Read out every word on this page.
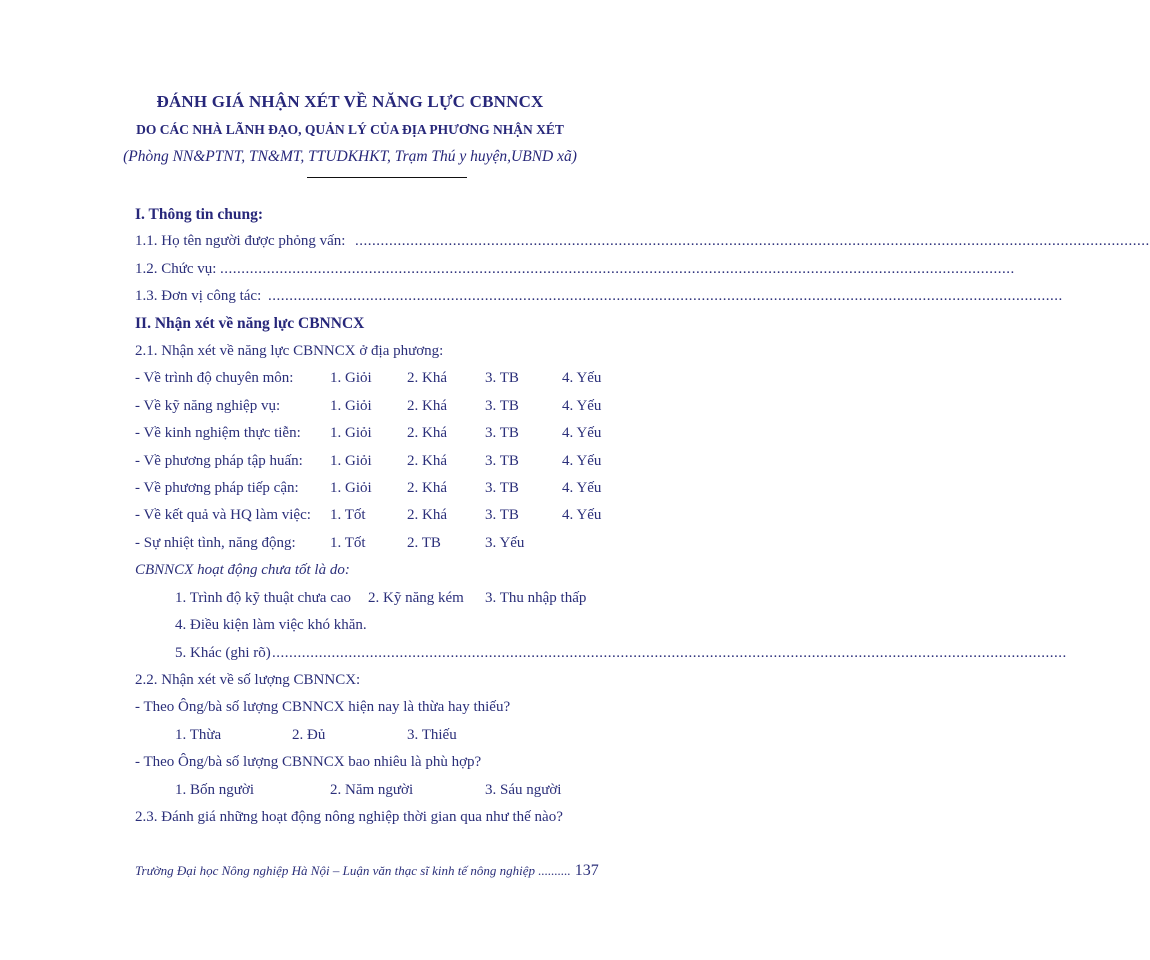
ĐÁNH GIÁ NHẬN XÉT VỀ NĂNG LỰC CBNNCX
DO CÁC NHÀ LÃNH ĐẠO, QUẢN LÝ CỦA ĐỊA PHƯƠNG NHẬN XÉT
(Phòng NN&PTNT, TN&MT, TTUDKHKT, Trạm Thú y huyện,UBND xã)
I. Thông tin chung:
1.1. Họ tên người được phỏng vấn: ...........................................................................................................................................................................................
1.2. Chức vụ: ...........................................................................................................................................................................................
1.3. Đơn vị công tác: ...........................................................................................................................................................................................
II. Nhận xét về năng lực CBNNCX
2.1. Nhận xét về năng lực CBNNCX ở địa phương:
- Về trình độ chuyên môn: 1. Giỏi 2. Khá	3. TB	4. Yếu
- Về kỹ năng nghiệp vụ:	1. Giỏi 2. Khá	3. TB	4. Yếu
- Về kinh nghiệm thực tiễn: 1. Giỏi 2. Khá	3. TB	4. Yếu
- Về phương pháp tập huấn: 1. Giỏi 2. Khá	3. TB	4. Yếu
- Về phương pháp tiếp cận: 1. Giỏi 2. Khá	3. TB	4. Yếu
- Về kết quả và HQ làm việc: 1. Tốt	2. Khá	3. TB	4. Yếu
- Sự nhiệt tình, năng động: 1. Tốt	2. TB	3. Yếu
CBNNCX hoạt động chưa tốt là do:
1. Trình độ kỹ thuật chưa cao 2. Kỹ năng kém 3. Thu nhập thấp
4. Điều kiện làm việc khó khăn.
5. Khác (ghi rõ) ...........................................................................................................................................................................................
2.2. Nhận xét về số lượng CBNNCX:
- Theo Ông/bà số lượng CBNNCX hiện nay là thừa hay thiếu?
1. Thừa	2. Đủ	3. Thiếu
- Theo Ông/bà số lượng CBNNCX bao nhiêu là phù hợp?
1. Bốn người	2. Năm người	3. Sáu người
2.3. Đánh giá những hoạt động nông nghiệp thời gian qua như thế nào?
Trường Đại học Nông nghiệp Hà Nội – Luận văn thạc sĩ kinh tế nông nghiệp .......... 137
